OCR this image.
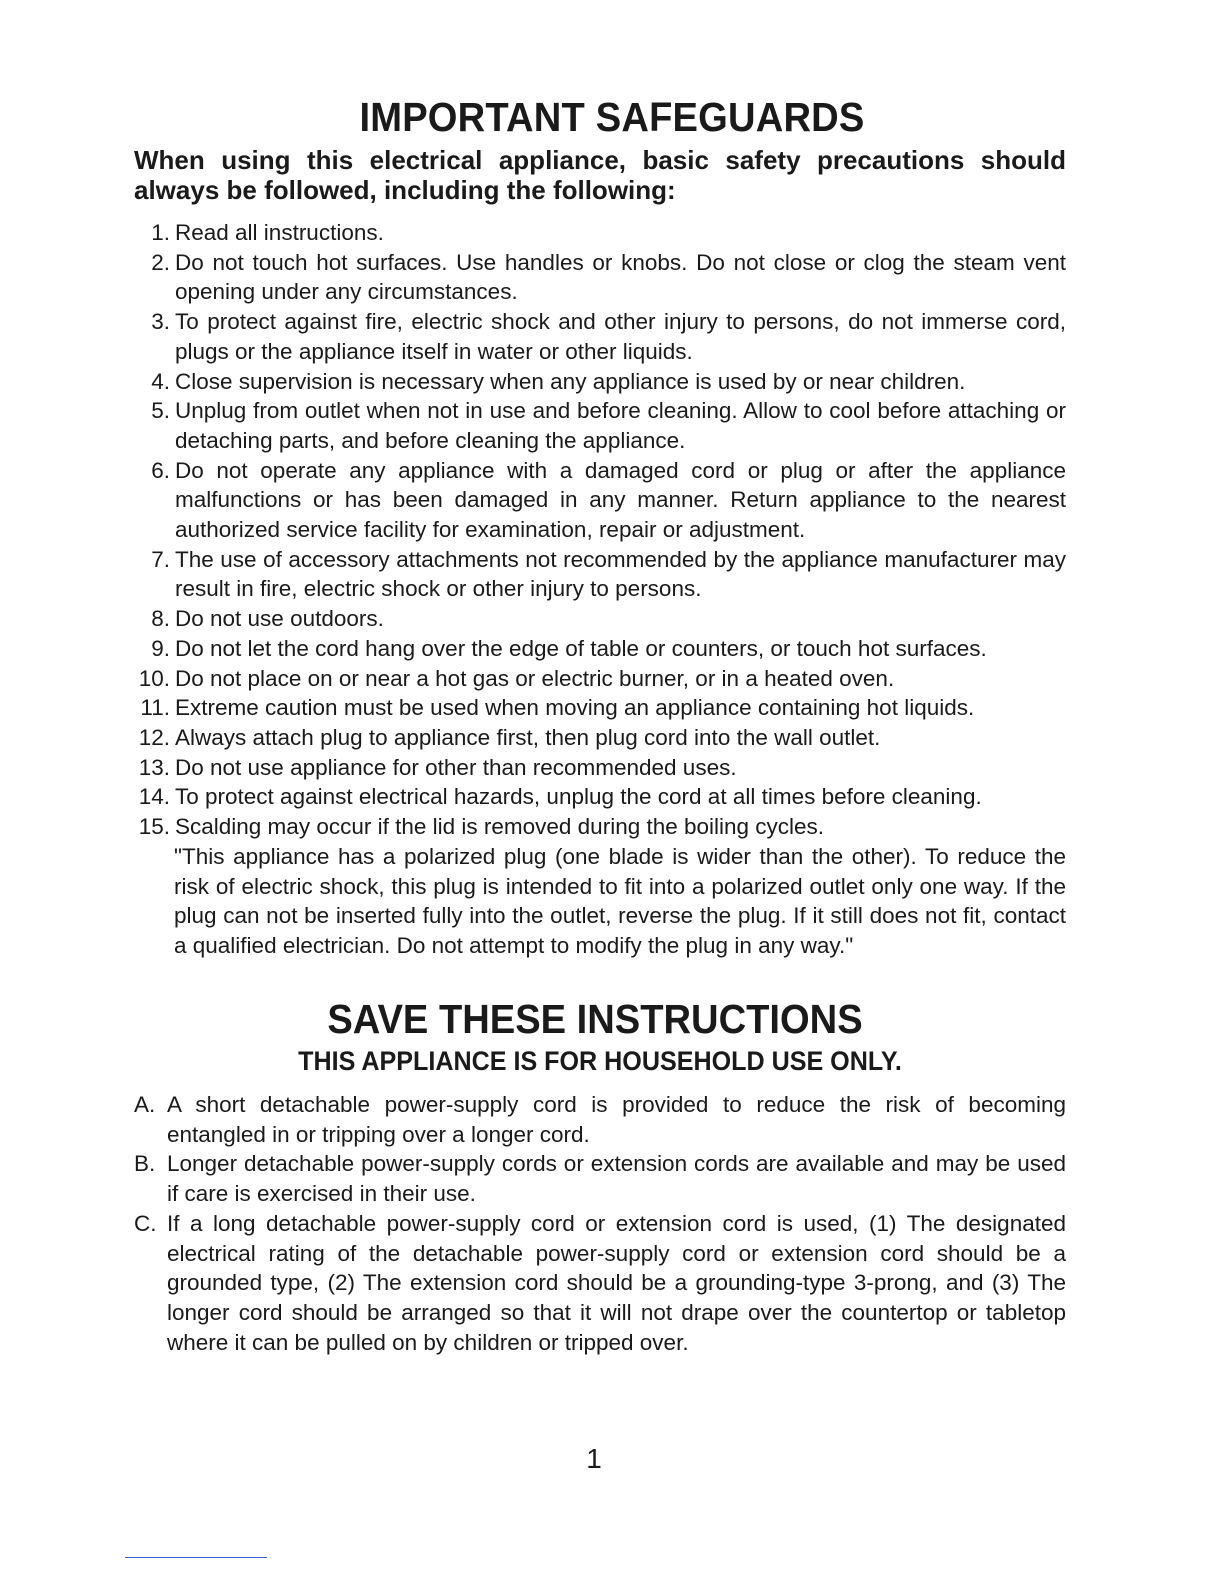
IMPORTANT SAFEGUARDS

When using this electrical appliance, basic safety precautions should always be followed, including the following:

1. Read all instructions.
2. Do not touch hot surfaces. Use handles or knobs. Do not close or clog the steam vent opening under any circumstances.
3. To protect against fire, electric shock and other injury to persons, do not immerse cord, plugs or the appliance itself in water or other liquids.
4. Close supervision is necessary when any appliance is used by or near children.
5. Unplug from outlet when not in use and before cleaning. Allow to cool before attaching or detaching parts, and before cleaning the appliance.
6. Do not operate any appliance with a damaged cord or plug or after the appliance malfunctions or has been damaged in any manner. Return appliance to the nearest authorized service facility for examination, repair or adjustment.
7. The use of accessory attachments not recommended by the appliance manufacturer may result in fire, electric shock or other injury to persons.
8. Do not use outdoors.
9. Do not let the cord hang over the edge of table or counters, or touch hot surfaces.
10. Do not place on or near a hot gas or electric burner, or in a heated oven.
11. Extreme caution must be used when moving an appliance containing hot liquids.
12. Always attach plug to appliance first, then plug cord into the wall outlet.
13. Do not use appliance for other than recommended uses.
14. To protect against electrical hazards, unplug the cord at all times before cleaning.
15. Scalding may occur if the lid is removed during the boiling cycles.

"This appliance has a polarized plug (one blade is wider than the other). To reduce the risk of electric shock, this plug is intended to fit into a polarized outlet only one way. If the plug can not be inserted fully into the outlet, reverse the plug. If it still does not fit, contact a qualified electrician. Do not attempt to modify the plug in any way."

SAVE THESE INSTRUCTIONS
THIS APPLIANCE IS FOR HOUSEHOLD USE ONLY.
A. A short detachable power-supply cord is provided to reduce the risk of becoming entangled in or tripping over a longer cord.
B. Longer detachable power-supply cords or extension cords are available and may be used if care is exercised in their use.
C. If a long detachable power-supply cord or extension cord is used, (1) The designated electrical rating of the detachable power-supply cord or extension cord should be a grounded type, (2) The extension cord should be a grounding-type 3-prong, and (3) The longer cord should be arranged so that it will not drape over the countertop or tabletop where it can be pulled on by children or tripped over.
1
